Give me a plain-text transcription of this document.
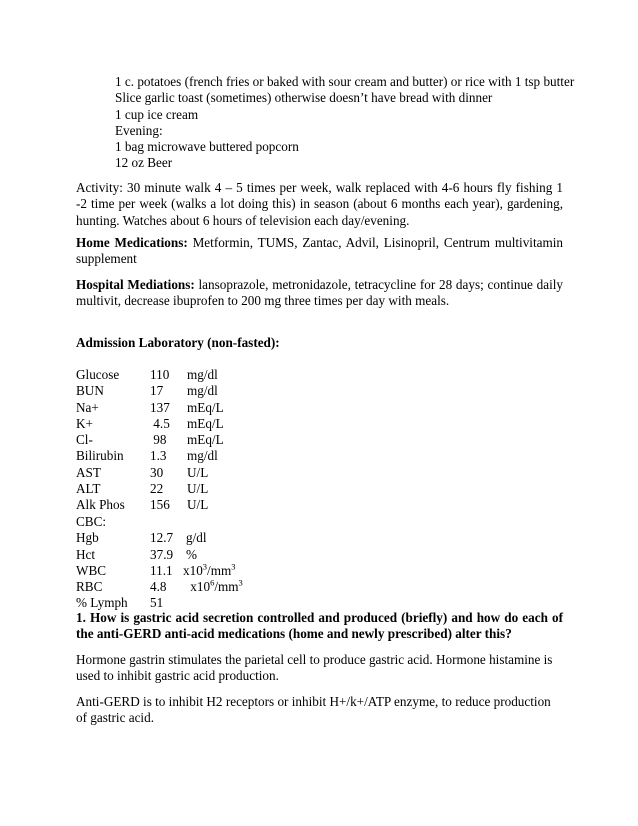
1 c. potatoes (french fries or baked with sour cream and butter) or rice with 1 tsp butter
Slice garlic toast (sometimes) otherwise doesn’t have bread with dinner
1 cup ice cream
Evening:
1 bag microwave buttered popcorn
12 oz Beer
Activity: 30 minute walk 4 – 5 times per week, walk replaced with 4-6 hours fly fishing 1 -2 time per week (walks a lot doing this) in season (about 6 months each year), gardening, hunting. Watches about 6 hours of television each day/evening.
Home Medications: Metformin, TUMS, Zantac, Advil, Lisinopril, Centrum multivitamin supplement
Hospital Mediations: lansoprazole, metronidazole, tetracycline for 28 days; continue daily multivit, decrease ibuprofen to 200 mg three times per day with meals.
Admission Laboratory (non-fasted):
Glucose 110 mg/dl
BUN	17 mg/dl
Na+	137 mEq/L
K+	4.5 mEq/L
Cl-	98 mEq/L
Bilirubin 1.3 mg/dl
AST	30 U/L
ALT	22 U/L
Alk Phos 156 U/L
CBC:
Hgb	12.7 g/dl
Hct	37.9 %
WBC	11.1 $x10^3/mm^3$
RBC	4.8 $x10^6/mm^3$
% Lymph 51
1. How is gastric acid secretion controlled and produced (briefly) and how do each of the anti-GERD anti-acid medications (home and newly prescribed) alter this?
Hormone gastrin stimulates the parietal cell to produce gastric acid. Hormone histamine is used to inhibit gastric acid production.
Anti-GERD is to inhibit H2 receptors or inhibit H+/k+/ATP enzyme, to reduce production of gastric acid.
